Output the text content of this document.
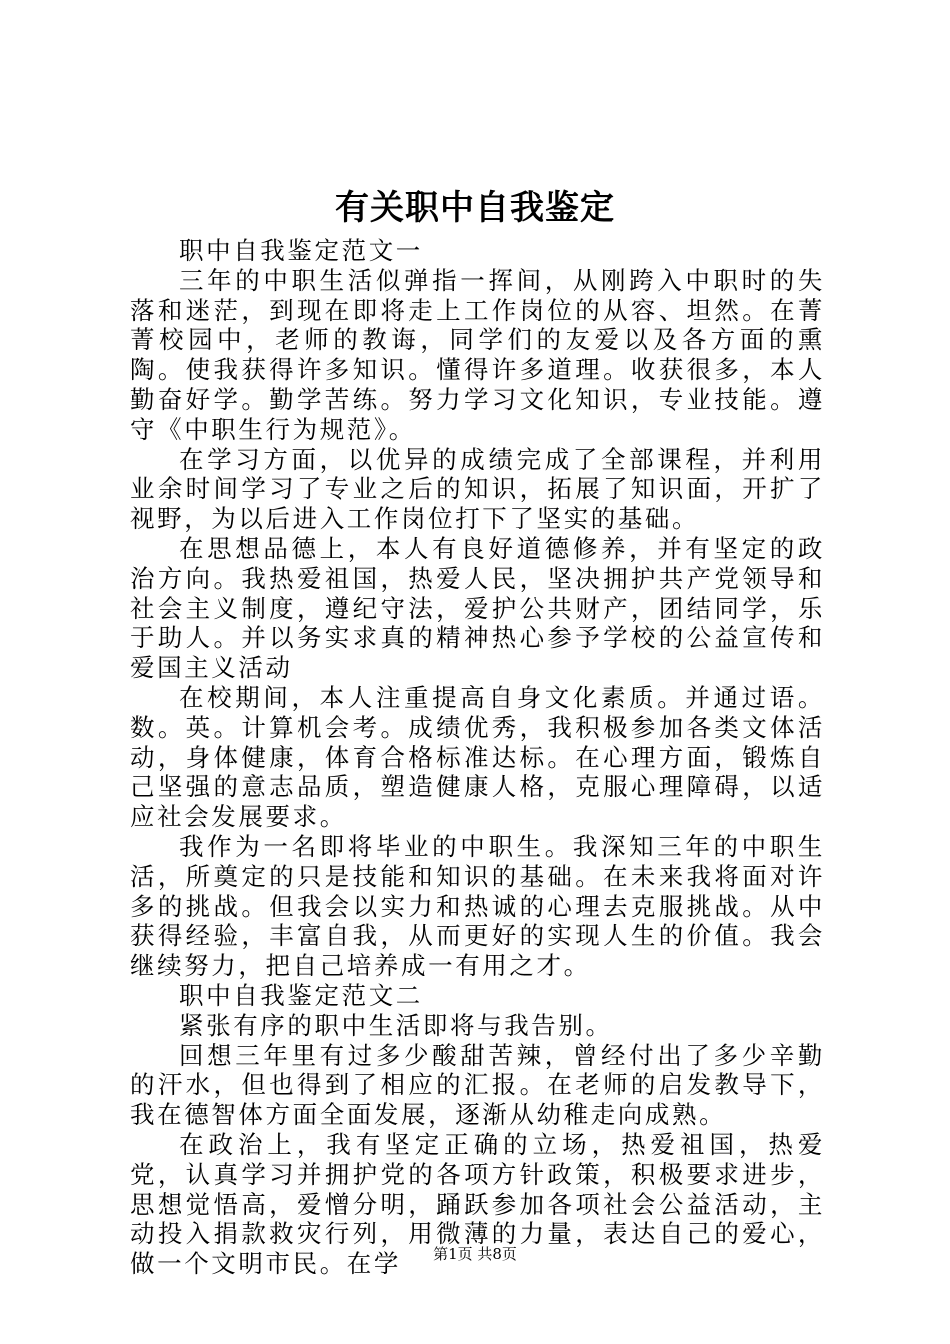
有关职中自我鉴定

职中自我鉴定范文一

三年的中职生活似弹指一挥间，从刚跨入中职时的失落和迷茫，到现在即将走上工作岗位的从容、坦然。在菁菁校园中，老师的教诲，同学们的友爱以及各方面的熏陶。使我获得许多知识。懂得许多道理。收获很多，本人勤奋好学。勤学苦练。努力学习文化知识，专业技能。遵守《中职生行为规范》。

在学习方面，以优异的成绩完成了全部课程，并利用业余时间学习了专业之后的知识，拓展了知识面，开扩了视野，为以后进入工作岗位打下了坚实的基础。

在思想品德上，本人有良好道德修养，并有坚定的政治方向。我热爱祖国，热爱人民，坚决拥护共产党领导和社会主义制度，遵纪守法，爱护公共财产，团结同学，乐于助人。并以务实求真的精神热心参予学校的公益宣传和爱国主义活动

在校期间，本人注重提高自身文化素质。并通过语。数。英。计算机会考。成绩优秀，我积极参加各类文体活动，身体健康，体育合格标准达标。在心理方面，锻炼自己坚强的意志品质，塑造健康人格，克服心理障碍，以适应社会发展要求。

我作为一名即将毕业的中职生。我深知三年的中职生活，所奠定的只是技能和知识的基础。在未来我将面对许多的挑战。但我会以实力和热诚的心理去克服挑战。从中获得经验，丰富自我，从而更好的实现人生的价值。我会继续努力，把自己培养成一有用之才。

职中自我鉴定范文二

紧张有序的职中生活即将与我告别。

回想三年里有过多少酸甜苦辣，曾经付出了多少辛勤的汗水，但也得到了相应的汇报。在老师的启发教导下，我在德智体方面全面发展，逐渐从幼稚走向成熟。

在政治上，我有坚定正确的立场，热爱祖国，热爱党，认真学习并拥护党的各项方针政策，积极要求进步，思想觉悟高，爱憎分明，踊跃参加各项社会公益活动，主动投入捐款救灾行列，用微薄的力量，表达自己的爱心，做一个文明市民。在学	第1页 共8页
